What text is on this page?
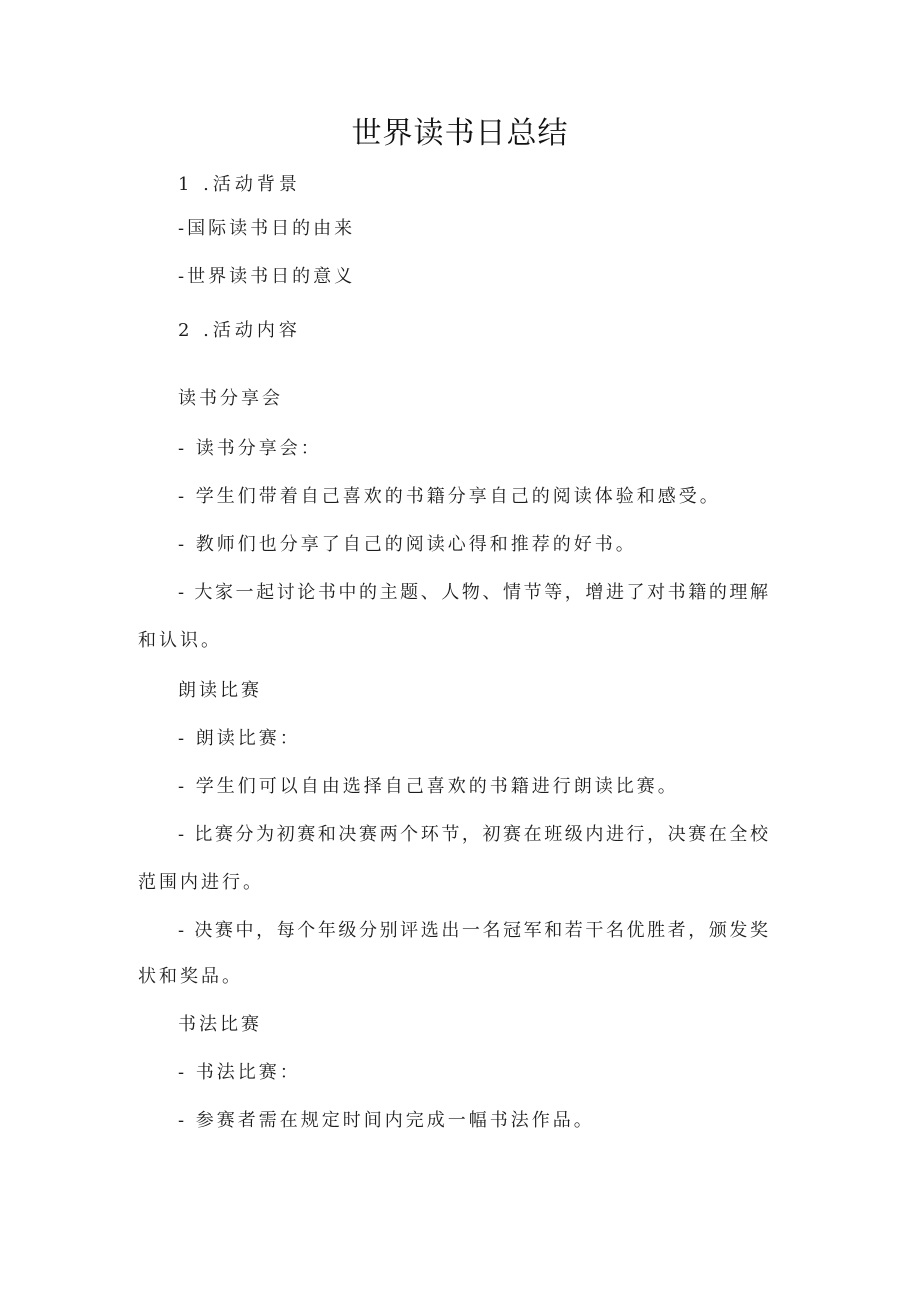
世界读书日总结
1 .活动背景
-国际读书日的由来
-世界读书日的意义
2 .活动内容
读书分享会
- 读书分享会：
- 学生们带着自己喜欢的书籍分享自己的阅读体验和感受。
- 教师们也分享了自己的阅读心得和推荐的好书。
- 大家一起讨论书中的主题、人物、情节等，增进了对书籍的理解
和认识。
朗读比赛
- 朗读比赛：
- 学生们可以自由选择自己喜欢的书籍进行朗读比赛。
- 比赛分为初赛和决赛两个环节，初赛在班级内进行，决赛在全校
范围内进行。
- 决赛中，每个年级分别评选出一名冠军和若干名优胜者，颁发奖
状和奖品。
书法比赛
- 书法比赛：
- 参赛者需在规定时间内完成一幅书法作品。
